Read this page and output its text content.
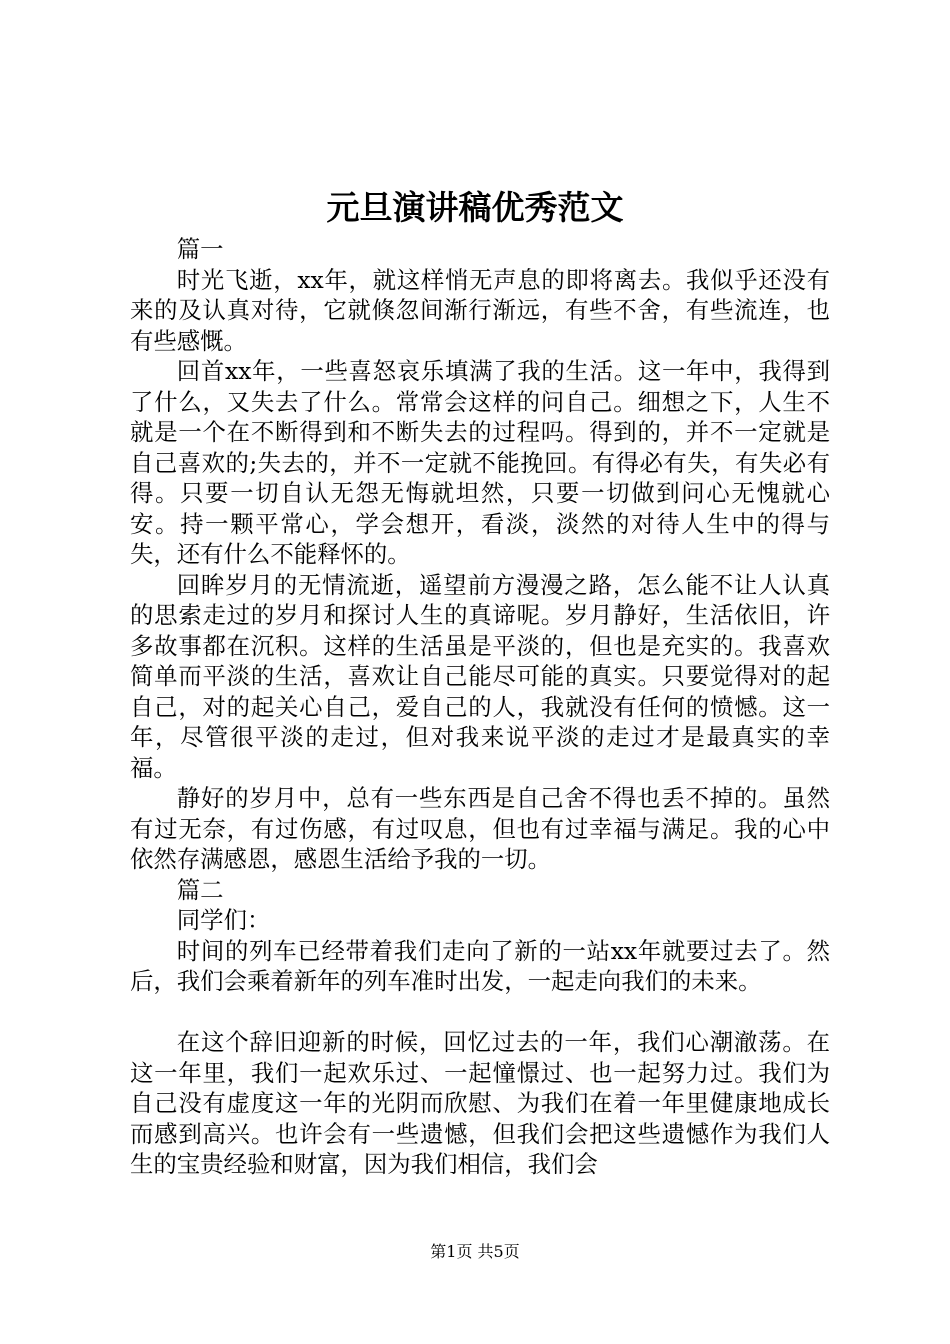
元旦演讲稿优秀范文

篇一

时光飞逝，xx年，就这样悄无声息的即将离去。我似乎还没有来的及认真对待，它就倏忽间渐行渐远，有些不舍，有些流连，也有些感慨。

回首xx年，一些喜怒哀乐填满了我的生活。这一年中，我得到了什么，又失去了什么。常常会这样的问自己。细想之下，人生不就是一个在不断得到和不断失去的过程吗。得到的，并不一定就是自己喜欢的;失去的，并不一定就不能挽回。有得必有失，有失必有得。只要一切自认无怨无悔就坦然，只要一切做到问心无愧就心安。持一颗平常心，学会想开，看淡，淡然的对待人生中的得与失，还有什么不能释怀的。

回眸岁月的无情流逝，遥望前方漫漫之路，怎么能不让人认真的思索走过的岁月和探讨人生的真谛呢。岁月静好，生活依旧，许多故事都在沉积。这样的生活虽是平淡的，但也是充实的。我喜欢简单而平淡的生活，喜欢让自己能尽可能的真实。只要觉得对的起自己，对的起关心自己，爱自己的人，我就没有任何的愤憾。这一年，尽管很平淡的走过，但对我来说平淡的走过才是最真实的幸福。

静好的岁月中，总有一些东西是自己舍不得也丢不掉的。虽然有过无奈，有过伤感，有过叹息，但也有过幸福与满足。我的心中依然存满感恩，感恩生活给予我的一切。

篇二

同学们：

时间的列车已经带着我们走向了新的一站xx年就要过去了。然后，我们会乘着新年的列车准时出发，一起走向我们的未来。

在这个辞旧迎新的时候，回忆过去的一年，我们心潮澈荡。在这一年里，我们一起欢乐过、一起憧憬过、也一起努力过。我们为自己没有虚度这一年的光阴而欣慰、为我们在着一年里健康地成长而感到高兴。也许会有一些遗憾，但我们会把这些遗憾作为我们人生的宝贵经验和财富，因为我们相信，我们会

第1页 共5页
